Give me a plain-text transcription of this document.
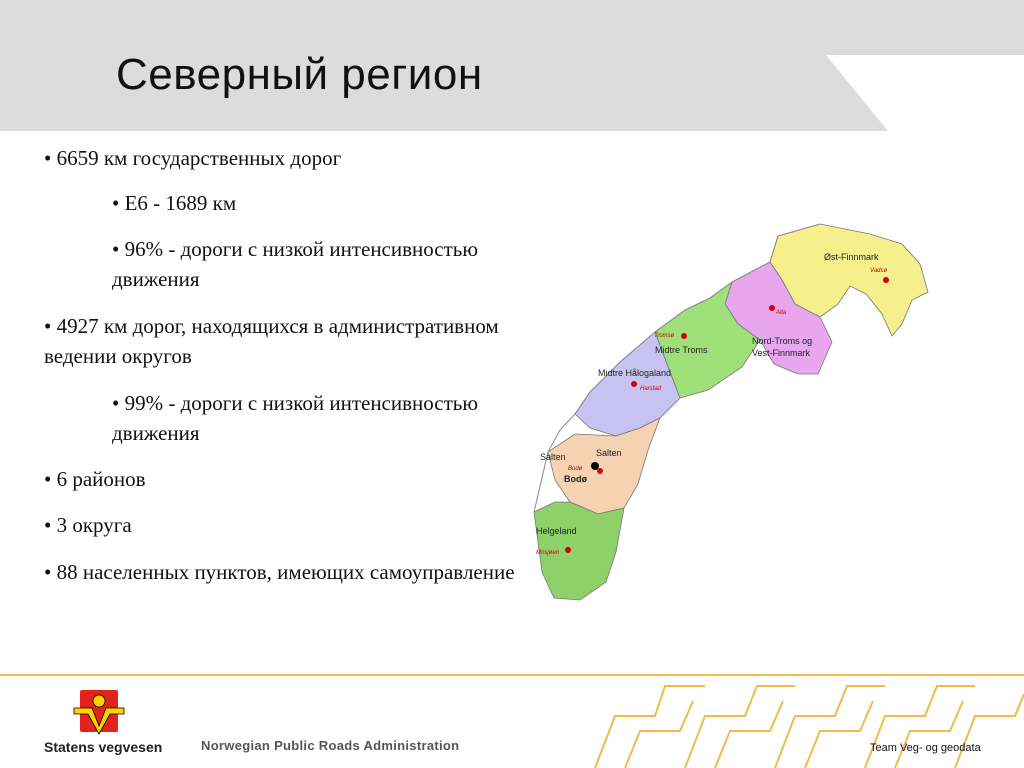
Северный регион
• 6659 км государственных дорог
• Е6 - 1689 км
• 96% - дороги с низкой интенсивностью
движения
• 4927 км дорог, находящихся в административном
ведении округов
• 99% - дороги с низкой интенсивностью
движения
• 6 районов
• 3 округа
• 88 населенных пунктов, имеющих самоуправление
Øst-Finnmark
Nord-Troms og
Vest-Finnmark
Midtre Troms
Midtre Hålogaland
Salten	Salten
Bodø
Helgeland
Vadsø
Alta
Tromsø
Harstad
Bodø
Mosjøen
Statens vegvesen	Norwegian Public Roads Administration	Team Veg- og geodata
